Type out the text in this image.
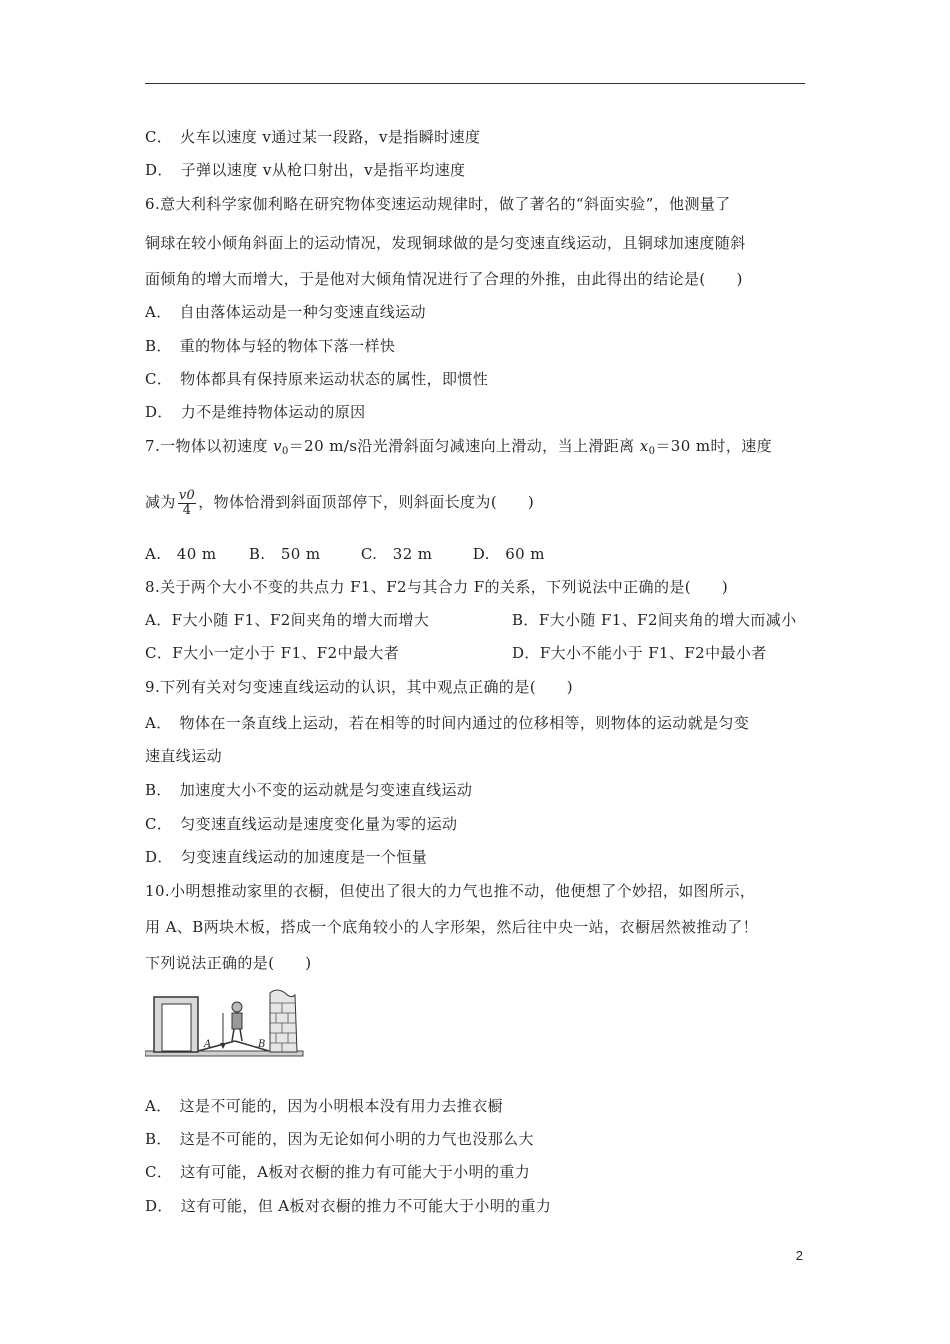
C．　火车以速度 v通过某一段路，v是指瞬时速度
D．　子弹以速度 v从枪口射出，v是指平均速度
6.意大利科学家伽利略在研究物体变速运动规律时，做了著名的“斜面实验”，他测量了
铜球在较小倾角斜面上的运动情况，发现铜球做的是匀变速直线运动，且铜球加速度随斜
面倾角的增大而增大，于是他对大倾角情况进行了合理的外推，由此得出的结论是(　　)
A．　自由落体运动是一种匀变速直线运动
B．　重的物体与轻的物体下落一样快
C．　物体都具有保持原来运动状态的属性，即惯性
D．　力不是维持物体运动的原因
7.一物体以初速度 $v_0=20$ m/s沿光滑斜面匀减速向上滑动，当上滑距离 $x_0=30$ m时，速度
减为 $\frac{v0}{4}$ ，物体恰滑到斜面顶部停下，则斜面长度为(　　)
A.　40 m B.　50 m	C.　32 m	D.　60 m
8.关于两个大小不变的共点力 F1、F2与其合力 F的关系，下列说法中正确的是(　　)
A．F大小随 F1、F2间夹角的增大而增大	B．F大小随 F1、F2间夹角的增大而减小
C．F大小一定小于 F1、F2中最大者	D．F大小不能小于 F1、F2中最小者
9.下列有关对匀变速直线运动的认识，其中观点正确的是(　　)
A．　物体在一条直线上运动，若在相等的时间内通过的位移相等，则物体的运动就是匀变
速直线运动
B．　加速度大小不变的运动就是匀变速直线运动
C．　匀变速直线运动是速度变化量为零的运动
D．　匀变速直线运动的加速度是一个恒量
10.小明想推动家里的衣橱，但使出了很大的力气也推不动，他便想了个妙招，如图所示，
用 A、B两块木板，搭成一个底角较小的人字形架，然后往中央一站，衣橱居然被推动了！
下列说法正确的是(　　)
A	B
A．　这是不可能的，因为小明根本没有用力去推衣橱
B．　这是不可能的，因为无论如何小明的力气也没那么大
C．　这有可能，A板对衣橱的推力有可能大于小明的重力
D．　这有可能，但 A板对衣橱的推力不可能大于小明的重力
2
